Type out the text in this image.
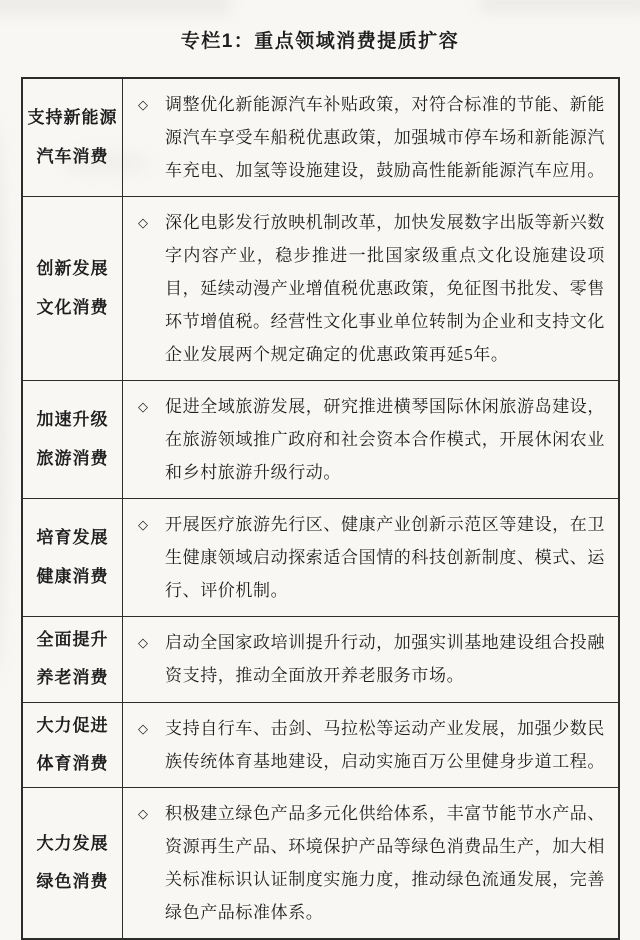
专栏1：重点领域消费提质扩容
支持新能源
汽车消费
◇	调整优化新能源汽车补贴政策，对符合标准的节能、新能源汽车享受车船税优惠政策，加强城市停车场和新能源汽车充电、加氢等设施建设，鼓励高性能新能源汽车应用。
创新发展
文化消费
◇	深化电影发行放映机制改革，加快发展数字出版等新兴数字内容产业，稳步推进一批国家级重点文化设施建设项目，延续动漫产业增值税优惠政策，免征图书批发、零售环节增值税。经营性文化事业单位转制为企业和支持文化企业发展两个规定确定的优惠政策再延5年。
加速升级
旅游消费
◇	促进全域旅游发展，研究推进横琴国际休闲旅游岛建设，在旅游领域推广政府和社会资本合作模式，开展休闲农业和乡村旅游升级行动。
培育发展
健康消费
◇	开展医疗旅游先行区、健康产业创新示范区等建设，在卫生健康领域启动探索适合国情的科技创新制度、模式、运行、评价机制。
全面提升
养老消费
◇	启动全国家政培训提升行动，加强实训基地建设组合投融资支持，推动全面放开养老服务市场。
大力促进
体育消费
◇	支持自行车、击剑、马拉松等运动产业发展，加强少数民族传统体育基地建设，启动实施百万公里健身步道工程。
大力发展
绿色消费
◇	积极建立绿色产品多元化供给体系，丰富节能节水产品、资源再生产品、环境保护产品等绿色消费品生产，加大相关标准标识认证制度实施力度，推动绿色流通发展，完善绿色产品标准体系。
